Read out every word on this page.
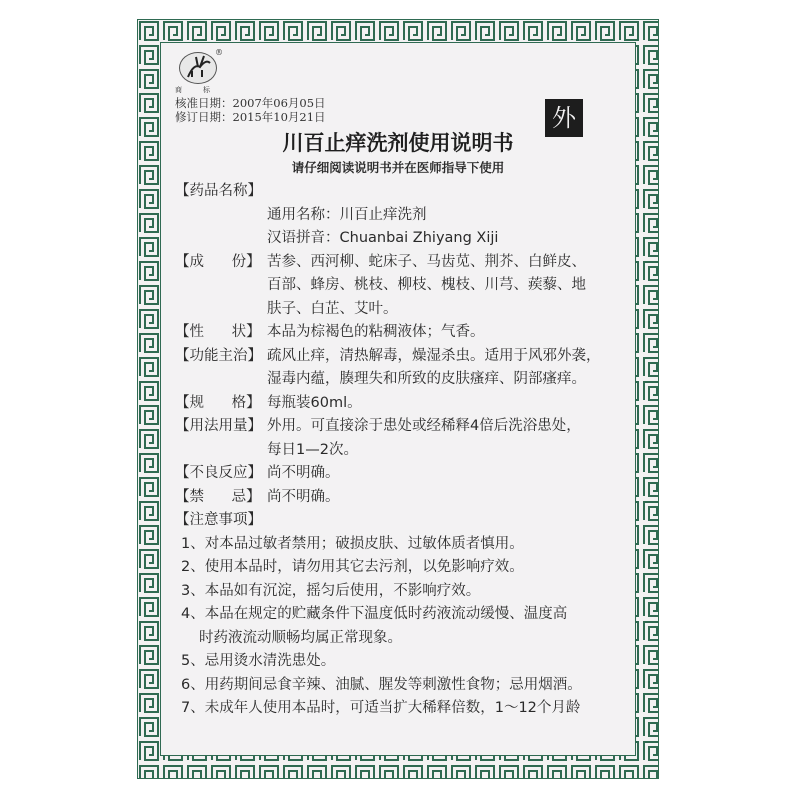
®
商	标
核准日期：2007年06月05日
修订日期：2015年10月21日	外
川百止痒洗剂使用说明书
请仔细阅读说明书并在医师指导下使用
【药品名称】
通用名称：川百止痒洗剂
汉语拼音：Chuanbai Zhiyang Xiji
【成      份】 苦参、西河柳、蛇床子、马齿苋、荆芥、白鲜皮、
百部、蜂房、桃枝、柳枝、槐枝、川芎、蒺藜、地
肤子、白芷、艾叶。
【性      状】 本品为棕褐色的粘稠液体；气香。
【功能主治】 疏风止痒，清热解毒，燥湿杀虫。适用于风邪外袭，
湿毒内蕴，腠理失和所致的皮肤瘙痒、阴部瘙痒。
【规      格】 每瓶装60ml。
【用法用量】 外用。可直接涂于患处或经稀释4倍后洗浴患处，
每日1—2次。
【不良反应】 尚不明确。
【禁      忌】 尚不明确。
【注意事项】
1、对本品过敏者禁用；破损皮肤、过敏体质者慎用。
2、使用本品时，请勿用其它去污剂，以免影响疗效。
3、本品如有沉淀，摇匀后使用，不影响疗效。
4、本品在规定的贮藏条件下温度低时药液流动缓慢、温度高
时药液流动顺畅均属正常现象。
5、忌用烫水清洗患处。
6、用药期间忌食辛辣、油腻、腥发等刺激性食物；忌用烟酒。
7、未成年人使用本品时，可适当扩大稀释倍数，1～12个月龄
